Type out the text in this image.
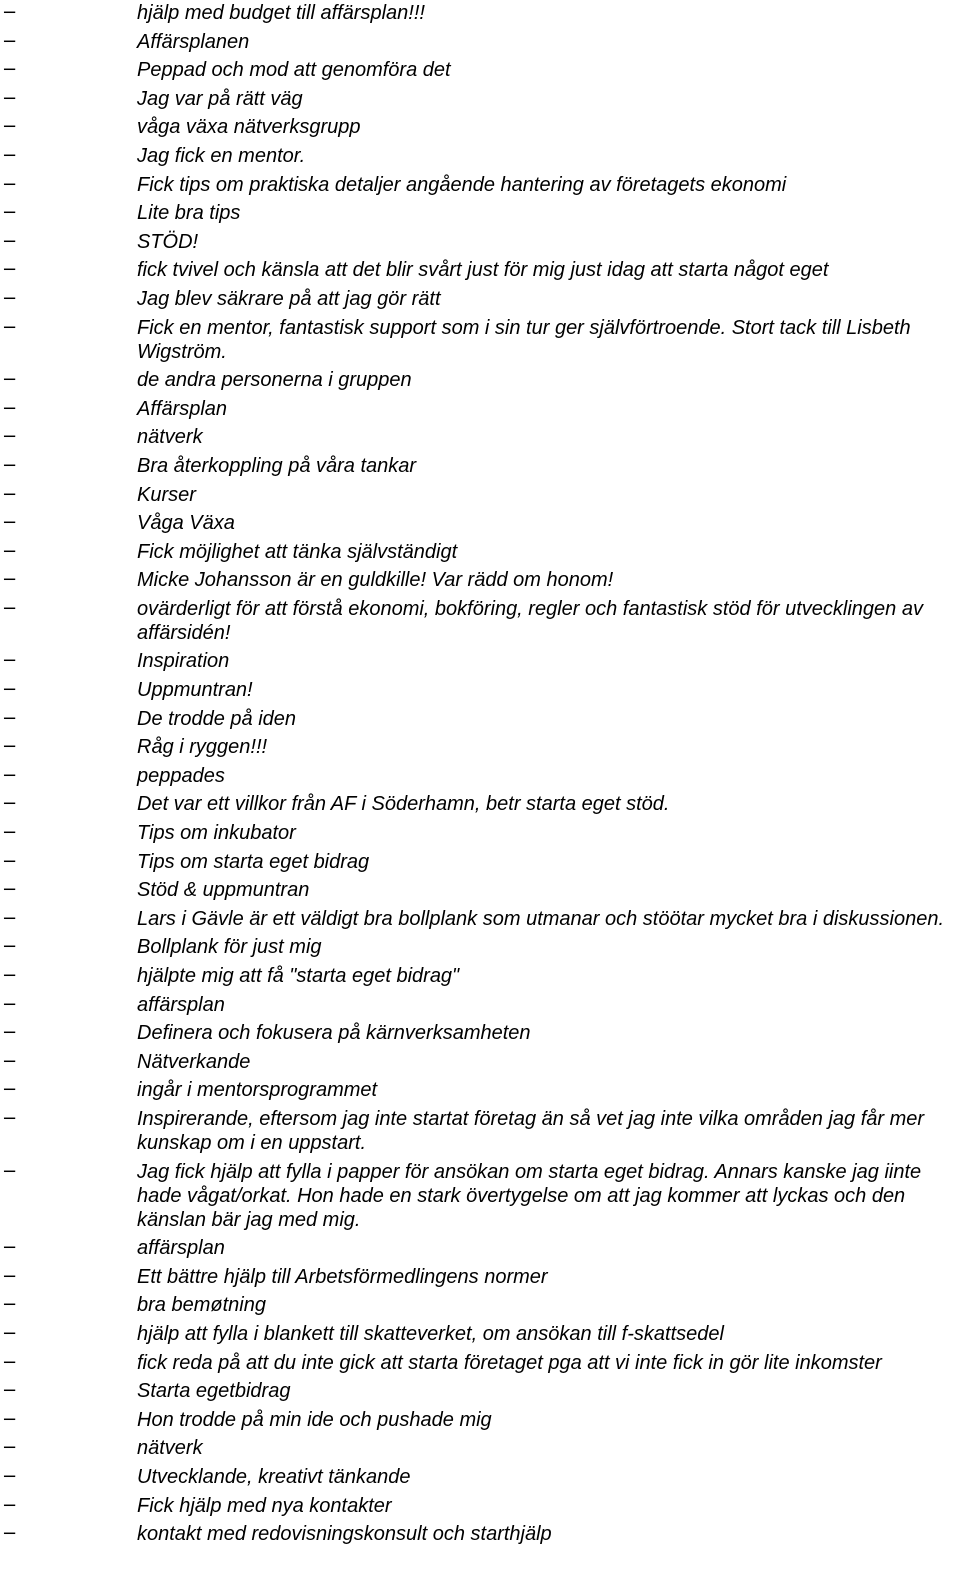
−	hjälp med budget till affärsplan!!!
−	Affärsplanen
−	Peppad och mod att genomföra det
−	Jag var på rätt väg
−	våga växa nätverksgrupp
−	Jag fick en mentor.
−	Fick tips om praktiska detaljer angående hantering av företagets ekonomi
−	Lite bra tips
−	STÖD!
−	fick tvivel och känsla att det blir svårt just för mig just idag att starta något eget
−	Jag blev säkrare på att jag gör rätt
−	Fick en mentor, fantastisk support som i sin tur ger självförtroende. Stort tack till Lisbeth Wigström.
−	de andra personerna i gruppen
−	Affärsplan
−	nätverk
−	Bra återkoppling på våra tankar
−	Kurser
−	Våga Växa
−	Fick möjlighet att tänka självständigt
−	Micke Johansson är en guldkille! Var rädd om honom!
−	ovärderligt för att förstå ekonomi, bokföring, regler och fantastisk stöd för utvecklingen av affärsidén!
−	Inspiration
−	Uppmuntran!
−	De trodde på iden
−	Råg i ryggen!!!
−	peppades
−	Det var ett villkor från AF i Söderhamn, betr starta eget stöd.
−	Tips om inkubator
−	Tips om starta eget bidrag
−	Stöd & uppmuntran
−	Lars i Gävle är ett väldigt bra bollplank som utmanar och stöötar mycket bra i diskussionen.
−	Bollplank för just mig
−	hjälpte mig att få "starta eget bidrag"
−	affärsplan
−	Definera och fokusera på kärnverksamheten
−	Nätverkande
−	ingår i mentorsprogrammet
−	Inspirerande, eftersom jag inte startat företag än så vet jag inte vilka områden jag får mer kunskap om i en uppstart.
−	Jag fick hjälp att fylla i papper för ansökan om starta eget bidrag. Annars kanske jag iinte hade vågat/orkat. Hon hade en stark övertygelse om att jag kommer att lyckas och den känslan bär jag med mig.
−	affärsplan
−	Ett bättre hjälp till Arbetsförmedlingens normer
−	bra bemøtning
−	hjälp att fylla i blankett till skatteverket, om ansökan till f-skattsedel
−	fick reda på att du inte gick att starta företaget pga att vi inte fick in gör lite inkomster
−	Starta egetbidrag
−	Hon trodde på min ide och pushade mig
−	nätverk
−	Utvecklande, kreativt tänkande
−	Fick hjälp med nya kontakter
−	kontakt med redovisningskonsult och starthjälp
